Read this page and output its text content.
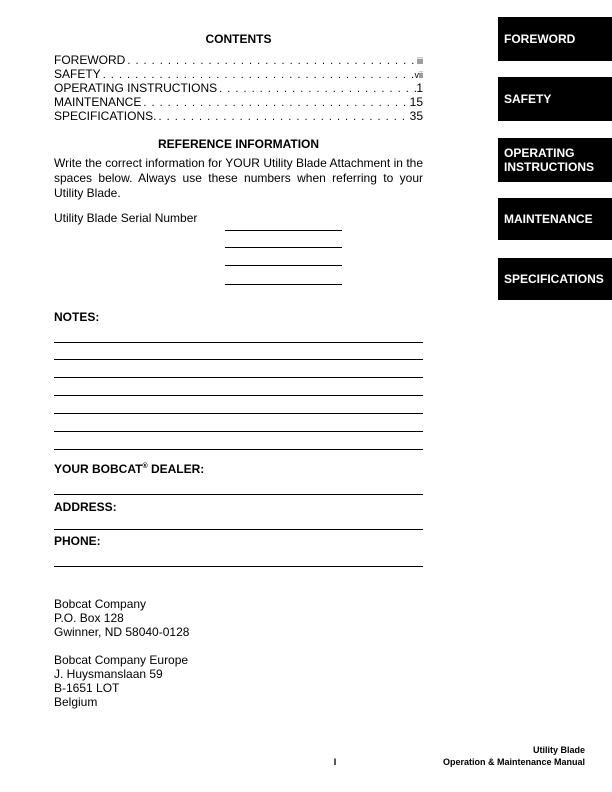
CONTENTS
FOREWORD . . .	iii
SAFETY . . .	vii
OPERATING INSTRUCTIONS . . .	1
MAINTENANCE . . .	15
SPECIFICATIONS. . . .	35
REFERENCE INFORMATION
Write the correct information for YOUR Utility Blade Attachment in the spaces below. Always use these numbers when referring to your Utility Blade.
Utility Blade Serial Number
NOTES:
YOUR BOBCAT® DEALER:
ADDRESS:
PHONE:
Bobcat Company
P.O. Box 128
Gwinner, ND 58040-0128
Bobcat Company Europe
J. Huysmanslaan 59
B-1651 LOT
Belgium
I
Utility Blade
Operation & Maintenance Manual
FOREWORD
SAFETY
OPERATING INSTRUCTIONS
MAINTENANCE
SPECIFICATIONS
